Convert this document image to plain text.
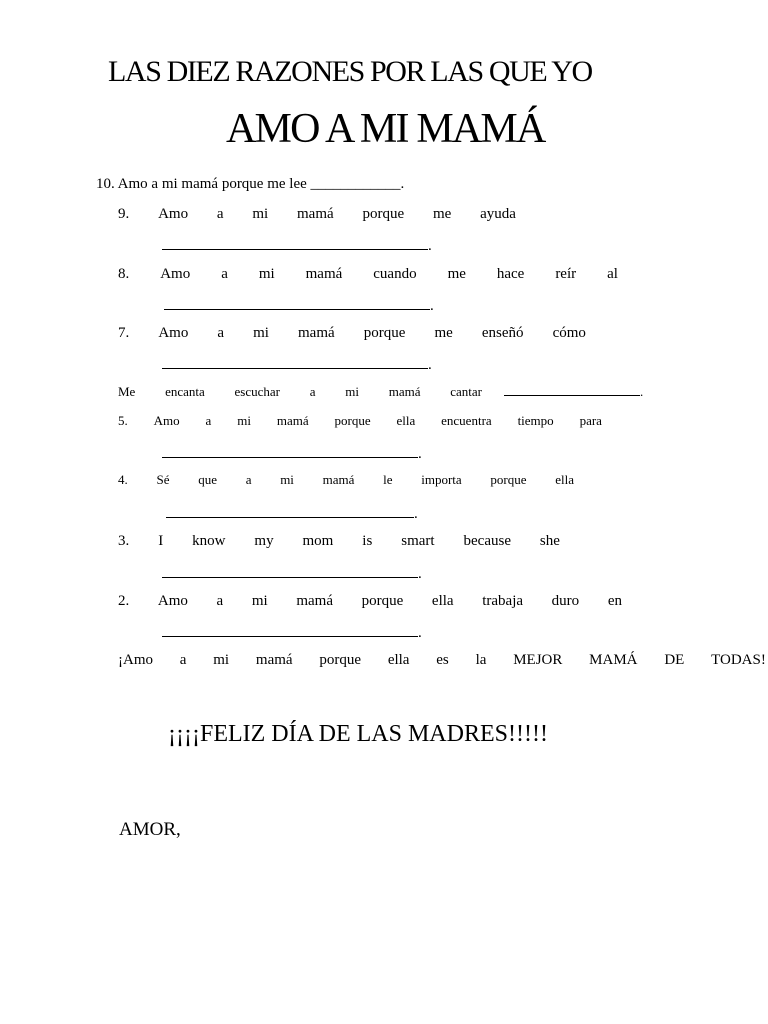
LAS DIEZ RAZONES POR LAS QUE YO
AMO A MI MAMÁ
10. Amo a mi mamá porque me lee ____________.
9. Amo a mi mamá porque me ayuda
.
8. Amo a mi mamá cuando me hace reír al
.
7. Amo a mi mamá porque me enseñó cómo
.
Me encanta escuchar a mi mamá cantar	.
5. Amo a mi mamá porque ella encuentra tiempo para
.
4. Sé que a mi mamá le importa porque ella
.
3. I know my mom is smart because she
.
2. Amo a mi mamá porque ella trabaja duro en
.
¡Amo a mi mamá porque ella es la MEJOR MAMÁ DE TODAS!
¡¡¡¡FELIZ DÍA DE LAS MADRES!!!!!
AMOR,
